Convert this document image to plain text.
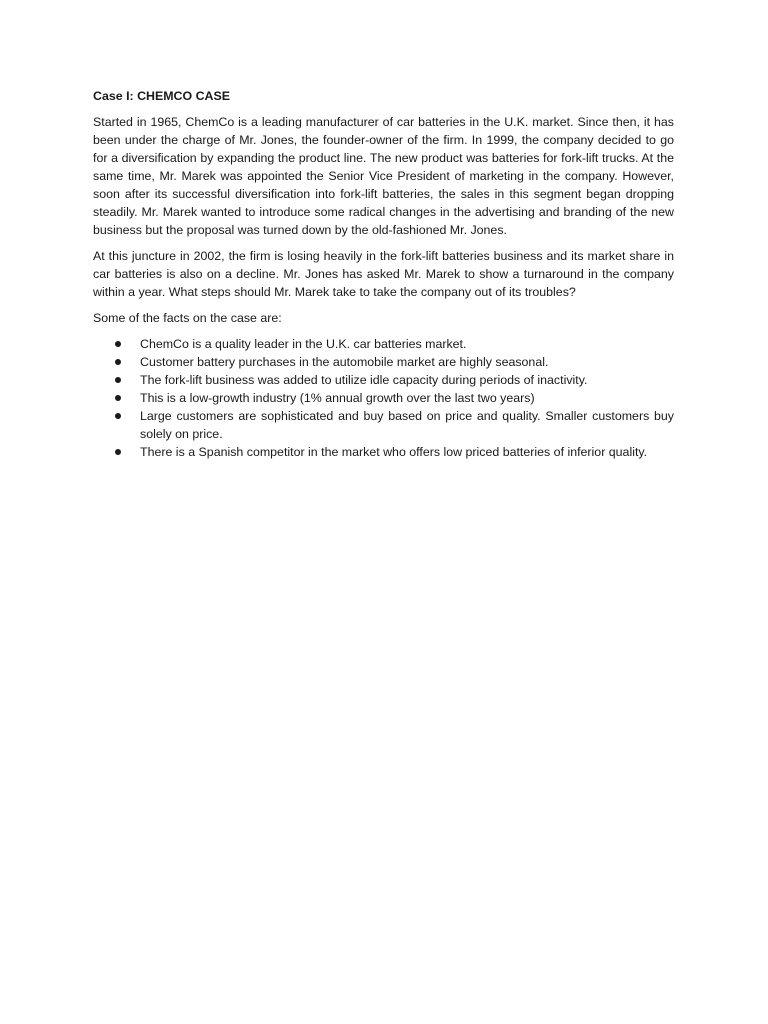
Case I: CHEMCO CASE

Started in 1965, ChemCo is a leading manufacturer of car batteries in the U.K. market. Since then, it has been under the charge of Mr. Jones, the founder-owner of the firm. In 1999, the company decided to go for a diversification by expanding the product line. The new product was batteries for fork-lift trucks. At the same time, Mr. Marek was appointed the Senior Vice President of marketing in the company. However, soon after its successful diversification into fork-lift batteries, the sales in this segment began dropping steadily. Mr. Marek wanted to introduce some radical changes in the advertising and branding of the new business but the proposal was turned down by the old-fashioned Mr. Jones.

At this juncture in 2002, the firm is losing heavily in the fork-lift batteries business and its market share in car batteries is also on a decline. Mr. Jones has asked Mr. Marek to show a turnaround in the company within a year. What steps should Mr. Marek take to take the company out of its troubles?

Some of the facts on the case are:

ChemCo is a quality leader in the U.K. car batteries market.
Customer battery purchases in the automobile market are highly seasonal.
The fork-lift business was added to utilize idle capacity during periods of inactivity.
This is a low-growth industry (1% annual growth over the last two years)
Large customers are sophisticated and buy based on price and quality. Smaller customers buy solely on price.
There is a Spanish competitor in the market who offers low priced batteries of inferior quality.
